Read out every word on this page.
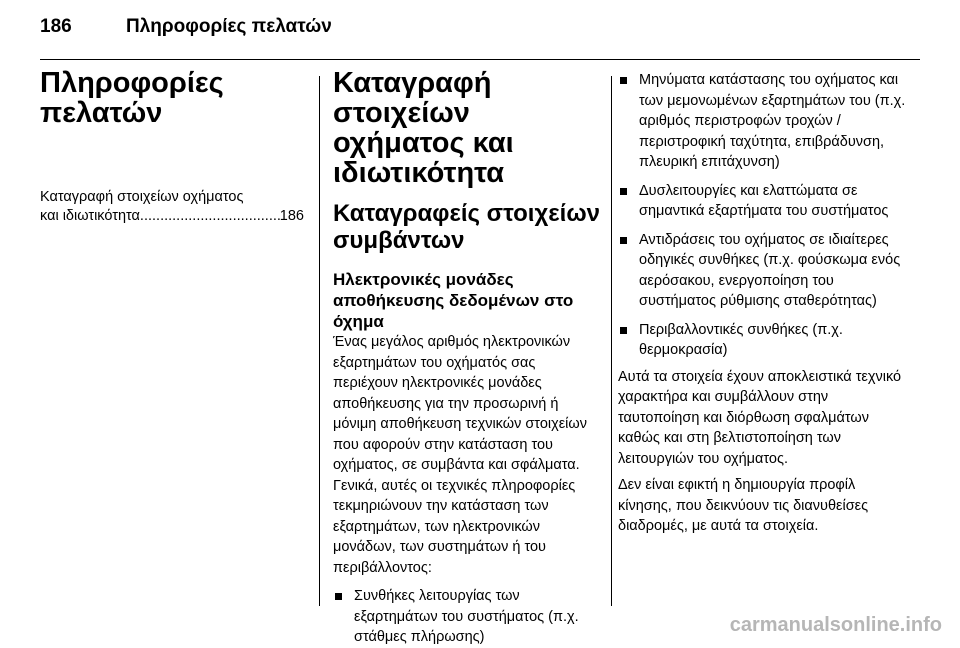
186	Πληροφορίες πελατών
Πληροφορίες
πελατών
Καταγραφή στοιχείων οχήματος
και ιδιωτικότητα
.....	186
Καταγραφή στοιχείων
οχήματος και
ιδιωτικότητα
Καταγραφείς στοιχείων
συμβάντων
Ηλεκτρονικές μονάδες
αποθήκευσης δεδομένων στο
όχημα

Ένας μεγάλος αριθμός ηλεκτρονικών εξαρτημάτων του οχήματός σας περιέχουν ηλεκτρονικές μονάδες αποθήκευσης για την προσωρινή ή μόνιμη αποθήκευση τεχνικών στοιχείων που αφορούν στην κατάσταση του οχήματος, σε συμβάντα και σφάλματα. Γενικά, αυτές οι τεχνικές πληροφορίες τεκμηριώνουν την κατάσταση των εξαρτημάτων, των ηλεκτρονικών μονάδων, των συστημάτων ή του περιβάλλοντος:

Συνθήκες λειτουργίας των εξαρτημάτων του συστήματος (π.χ. στάθμες πλήρωσης)
Μηνύματα κατάστασης του οχήματος και των μεμονωμένων εξαρτημάτων του (π.χ. αριθμός περιστροφών τροχών / περιστροφική ταχύτητα, επιβράδυνση, πλευρική επιτάχυνση)
Δυσλειτουργίες και ελαττώματα σε σημαντικά εξαρτήματα του συστήματος
Αντιδράσεις του οχήματος σε ιδιαίτερες οδηγικές συνθήκες (π.χ. φούσκωμα ενός αερόσακου, ενεργοποίηση του συστήματος ρύθμισης σταθερότητας)
Περιβαλλοντικές συνθήκες (π.χ. θερμοκρασία)

Αυτά τα στοιχεία έχουν αποκλειστικά τεχνικό χαρακτήρα και συμβάλλουν στην ταυτοποίηση και διόρθωση σφαλμάτων καθώς και στη βελτιστοποίηση των λειτουργιών του οχήματος.

Δεν είναι εφικτή η δημιουργία προφίλ κίνησης, που δεικνύουν τις διανυθείσες διαδρομές, με αυτά τα στοιχεία.

carmanualsonline.info
